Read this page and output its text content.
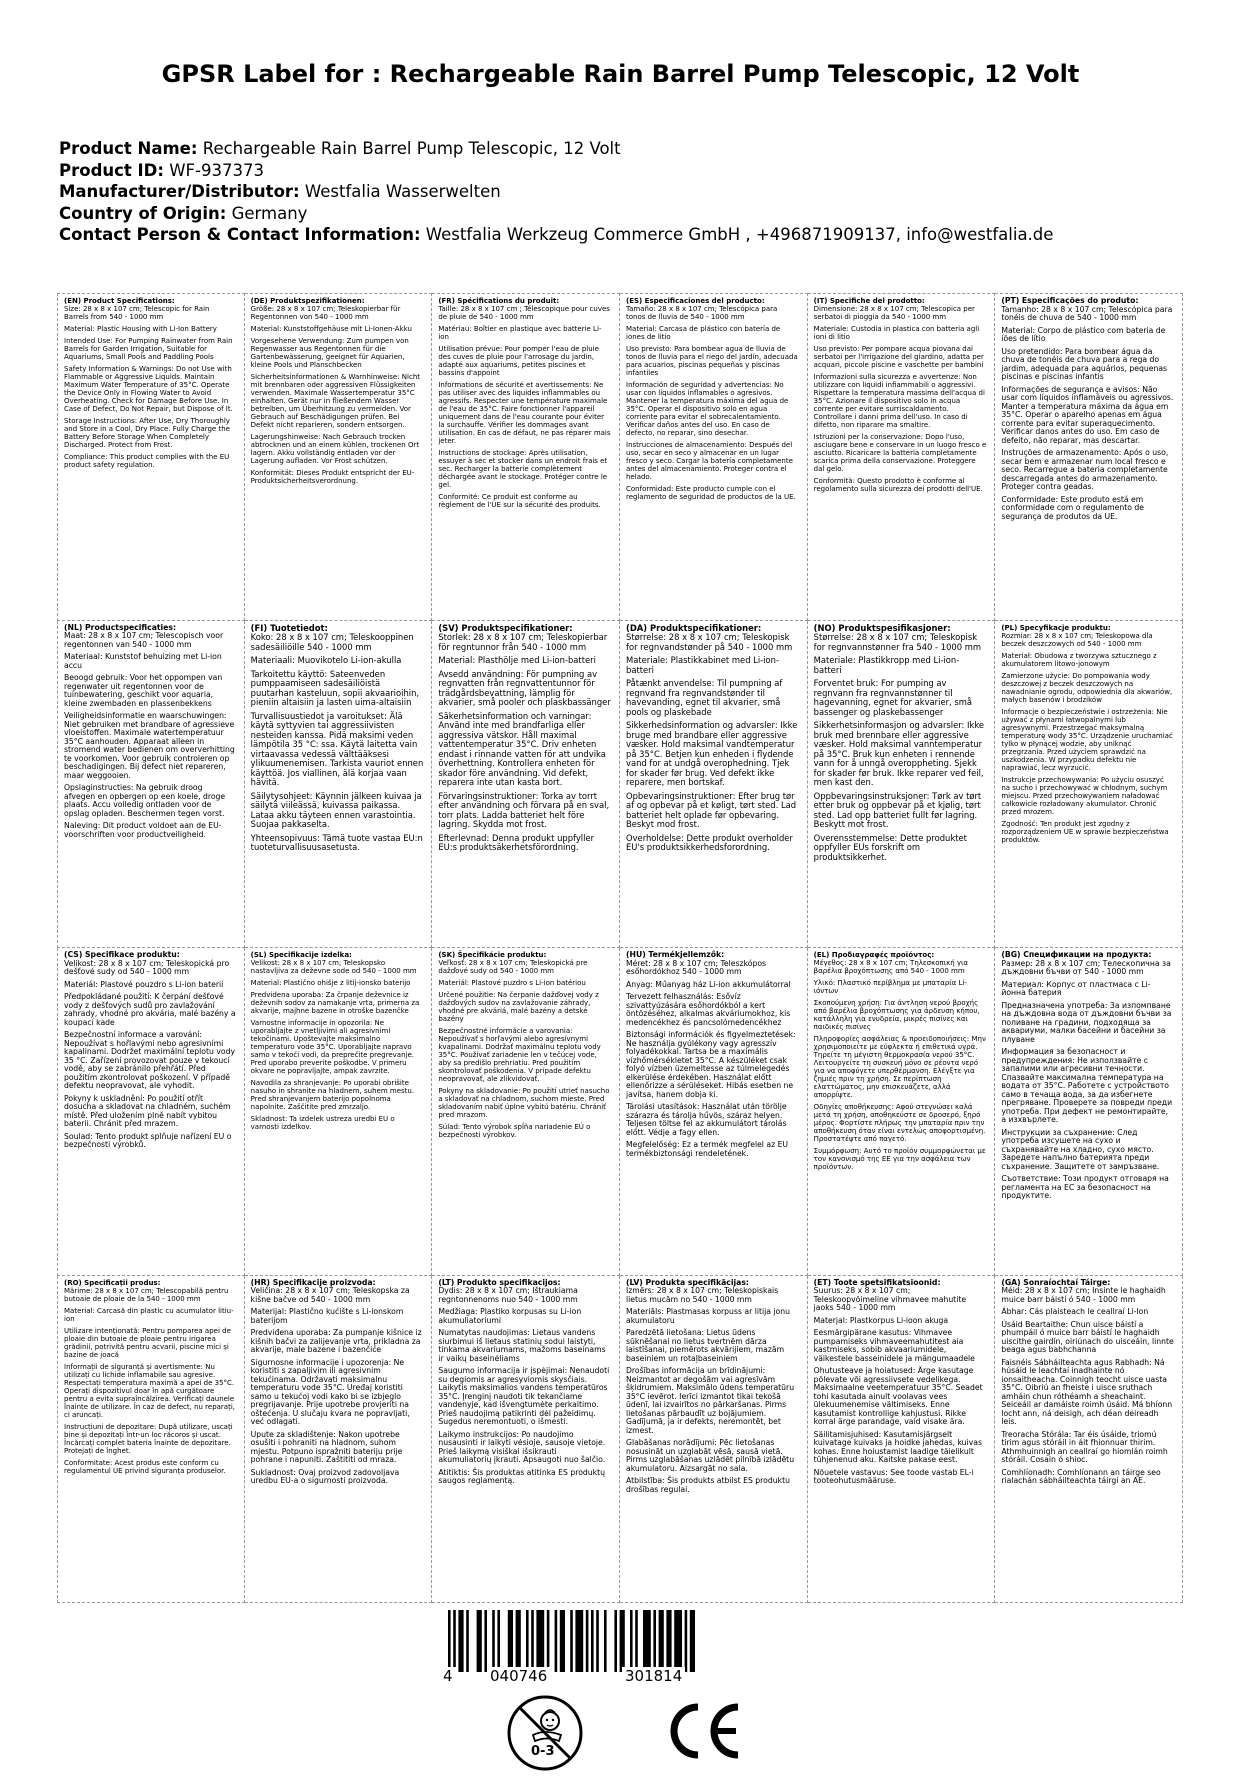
GPSR Label for : Rechargeable Rain Barrel Pump Telescopic, 12 Volt
Product Name: Rechargeable Rain Barrel Pump Telescopic, 12 Volt
Product ID: WF-937373
Manufacturer/Distributor: Westfalia Wasserwelten
Country of Origin: Germany
Contact Person & Contact Information: Westfalia Werkzeug Commerce GmbH , +496871909137, info@westfalia.de
(EN) Product Specifications:
Size: 28 x 8 x 107 cm; Telescopic for Rain Barrels from 540 - 1000 mm
Material: Plastic Housing with Li-Ion Battery
Intended Use: For Pumping Rainwater from Rain Barrels for Garden Irrigation, Suitable for Aquariums, Small Pools and Paddling Pools
Safety Information & Warnings: Do not Use with Flammable or Aggressive Liquids. Maintain Maximum Water Temperature of 35°C. Operate the Device Only in Flowing Water to Avoid Overheating. Check for Damage Before Use. In Case of Defect, Do Not Repair, but Dispose of It.
Storage Instructions: After Use, Dry Thoroughly and Store in a Cool, Dry Place. Fully Charge the Battery Before Storage When Completely Discharged. Protect from Frost.
Compliance: This product complies with the EU product safety regulation.
(DE) Produktspezifikationen:
Größe: 28 x 8 x 107 cm; Teleskopierbar für Regentonnen von 540 - 1000 mm
Material: Kunststoffgehäuse mit Li-Ionen-Akku
Vorgesehene Verwendung: Zum pumpen von Regenwasser aus Regentonnen für die Gartenbewässerung, geeignet für Aquarien, kleine Pools und Planschbecken
Sicherheitsinformationen & Warnhinweise: Nicht mit brennbaren oder aggressiven Flüssigkeiten verwenden. Maximale Wassertemperatur 35°C einhalten. Gerät nur in fließendem Wasser betreiben, um Überhitzung zu vermeiden. Vor Gebrauch auf Beschädigungen prüfen. Bei Defekt nicht reparieren, sondern entsorgen.
Lagerungshinweise: Nach Gebrauch trocken abtrocknen und an einem kühlen, trockenen Ort lagern. Akku vollständig entladen vor der Lagerung aufladen. Vor Frost schützen.
Konformität: Dieses Produkt entspricht der EU-Produktsicherheitsverordnung.
(FR) Spécifications du produit:
Taille: 28 x 8 x 107 cm ; Télescopique pour cuves de pluie de 540 - 1000 mm
Matériau: Boîtier en plastique avec batterie Li-ion
Utilisation prévue: Pour pomper l'eau de pluie des cuves de pluie pour l'arrosage du jardin, adapté aux aquariums, petites piscines et bassins d'appoint
Informations de sécurité et avertissements: Ne pas utiliser avec des liquides inflammables ou agressifs. Respecter une température maximale de l'eau de 35°C. Faire fonctionner l'appareil uniquement dans de l'eau courante pour éviter la surchauffe. Vérifier les dommages avant utilisation. En cas de défaut, ne pas réparer mais jeter.
Instructions de stockage: Après utilisation, essuyer à sec et stocker dans un endroit frais et sec. Recharger la batterie complètement déchargée avant le stockage. Protéger contre le gel.
Conformité: Ce produit est conforme au règlement de l'UE sur la sécurité des produits.
(ES) Especificaciones del producto:
Tamaño: 28 x 8 x 107 cm; Telescópica para tonos de lluvia de 540 - 1000 mm
Material: Carcasa de plástico con batería de iones de litio
Uso previsto: Para bombear agua de lluvia de tonos de lluvia para el riego del jardín, adecuada para acuarios, piscinas pequeñas y piscinas infantiles
Información de seguridad y advertencias: No usar con líquidos inflamables o agresivos. Mantener la temperatura máxima del agua de 35°C. Operar el dispositivo solo en agua corriente para evitar el sobrecalentamiento. Verificar daños antes del uso. En caso de defecto, no reparar, sino desechar.
Instrucciones de almacenamiento: Después del uso, secar en seco y almacenar en un lugar fresco y seco. Cargar la batería completamente antes del almacenamiento. Proteger contra el helado.
Conformidad: Este producto cumple con el reglamento de seguridad de productos de la UE.
(IT) Specifiche del prodotto:
Dimensione: 28 x 8 x 107 cm; Telescopica per serbatoi di pioggia da 540 - 1000 mm
Materiale: Custodia in plastica con batteria agli ioni di litio
Uso previsto: Per pompare acqua piovana dai serbatoi per l'irrigazione del giardino, adatta per acquari, piccole piscine e vaschette per bambini
Informazioni sulla sicurezza e avvertenze: Non utilizzare con liquidi infiammabili o aggressivi. Rispettare la temperatura massima dell'acqua di 35°C. Azionare il dispositivo solo in acqua corrente per evitare surriscaldamento. Controllare i danni prima dell'uso. In caso di difetto, non riparare ma smaltire.
Istruzioni per la conservazione: Dopo l'uso, asciugare bene e conservare in un luogo fresco e asciutto. Ricaricare la batteria completamente scarica prima della conservazione. Proteggere dal gelo.
Conformità: Questo prodotto è conforme al regolamento sulla sicurezza dei prodotti dell'UE.
(PT) Especificações do produto:
Tamanho: 28 x 8 x 107 cm; Telescópica para tonéis de chuva de 540 - 1000 mm
Material: Corpo de plástico com bateria de íões de lítio
Uso pretendido: Para bombear água da chuva de tonéis de chuva para a rega do jardim, adequada para aquários, pequenas piscinas e piscinas infantis
Informações de segurança e avisos: Não usar com líquidos inflamáveis ou agressivos. Manter a temperatura máxima da água em 35°C. Operar o aparelho apenas em água corrente para evitar superaquecimento. Verificar danos antes do uso. Em caso de defeito, não reparar, mas descartar.
Instruções de armazenamento: Após o uso, secar bem e armazenar num local fresco e seco. Recarregue a bateria completamente descarregada antes do armazenamento. Proteger contra geadas.
Conformidade: Este produto está em conformidade com o regulamento de segurança de produtos da UE.
(NL) Productspecificaties:
Maat: 28 x 8 x 107 cm; Telescopisch voor regentonnen van 540 - 1000 mm
Materiaal: Kunststof behuizing met Li-ion accu
Beoogd gebruik: Voor het oppompen van regenwater uit regentonnen voor de tuinbewatering, geschikt voor aquaria, kleine zwembaden en plassenbekkens
Veiligheidsinformatie en waarschuwingen: Niet gebruiken met brandbare of agressieve vloeistoffen. Maximale watertemperatuur 35°C aanhouden. Apparaat alleen in stromend water bedienen om oververhitting te voorkomen. Voor gebruik controleren op beschadigingen. Bij defect niet repareren, maar weggooien.
Opslaginstructies: Na gebruik droog afvegen en opbergen op een koele, droge plaats. Accu volledig ontladen voor de opslag opladen. Beschermen tegen vorst.
Naleving: Dit product voldoet aan de EU-voorschriften voor productveiligheid.
(FI) Tuotetiedot:
Koko: 28 x 8 x 107 cm; Teleskooppinen sadesäiliöille 540 - 1000 mm
Materiaali: Muovikotelo Li-ion-akulla
Tarkoitettu käyttö: Sateenveden pumppaamiseen sadesäiliöistä puutarhan kasteluun, sopii akvaarioihin, pieniin altaisiin ja lasten uima-altaisiin
Turvallisuustiedot ja varoitukset: Älä käytä syttyvien tai aggressiivisten nesteiden kanssa. Pidä maksimi veden lämpötila 35 °C: ssa. Käytä laitetta vain virtaavassa vedessä välttääksesi ylikuumenemisen. Tarkista vauriot ennen käyttöä. Jos viallinen, älä korjaa vaan hävitä.
Säilytysohjeet: Käynnin jälkeen kuivaa ja säilytä viileässä, kuivassa paikassa. Lataa akku täyteen ennen varastointia. Suojaa pakkaselta.
Yhteensopivuus: Tämä tuote vastaa EU:n tuoteturvallisuusasetusta.
(SV) Produktspecifikationer:
Storlek: 28 x 8 x 107 cm; Teleskopierbar för regntunnor från 540 - 1000 mm
Material: Plasthölje med Li-ion-batteri
Avsedd användning: För pumpning av regnvatten från regnvattentunnor för trädgårdsbevattning, lämplig för akvarier, små pooler och plaskbassänger
Säkerhetsinformation och varningar: Använd inte med brandfarliga eller aggressiva vätskor. Håll maximal vattentemperatur 35°C. Driv enheten endast i rinnande vatten för att undvika överhettning. Kontrollera enheten för skador före användning. Vid defekt, reparera inte utan kasta bort.
Förvaringsinstruktioner: Torka av torrt efter användning och förvara på en sval, torr plats. Ladda batteriet helt före lagring. Skydda mot frost.
Efterlevnad: Denna produkt uppfyller EU:s produktsäkerhetsförordning.
(DA) Produktspecifikationer:
Størrelse: 28 x 8 x 107 cm; Teleskopisk for regnvandstønder på 540 - 1000 mm
Materiale: Plastikkabinet med Li-ion-batteri
Påtænkt anvendelse: Til pumpning af regnvand fra regnvandstønder til havevanding, egnet til akvarier, små pools og plaskebade
Sikkerhedsinformation og advarsler: Ikke bruge med brandbare eller aggressive væsker. Hold maksimal vandtemperatur på 35°C. Betjen kun enheden i flydende vand for at undgå overophedning. Tjek for skader før brug. Ved defekt ikke reparere, men bortskaf.
Opbevaringsinstruktioner: Efter brug tør af og opbevar på et køligt, tørt sted. Lad batteriet helt oplade før opbevaring. Beskyt mod frost.
Overholdelse: Dette produkt overholder EU's produktsikkerhedsforordning.
(NO) Produktspesifikasjoner:
Størrelse: 28 x 8 x 107 cm; Teleskopisk for regnvannstønner fra 540 - 1000 mm
Materiale: Plastikkropp med Li-ion-batteri
Forventet bruk: For pumping av regnvann fra regnvannstønner til hagevanning, egnet for akvarier, små bassenger og plaskebassenger
Sikkerhetsinformasjon og advarsler: Ikke bruk med brennbare eller aggressive væsker. Hold maksimal vanntemperatur på 35°C. Bruk kun enheten i rennende vann for å unngå overoppheting. Sjekk for skader før bruk. Ikke reparer ved feil, men kast den.
Oppbevaringsinstruksjoner: Tørk av tørt etter bruk og oppbevar på et kjølig, tørt sted. Lad opp batteriet fullt før lagring. Beskytt mot frost.
Overensstemmelse: Dette produktet oppfyller EUs forskrift om produktsikkerhet.
(PL) Specyfikacje produktu:
Rozmiar: 28 x 8 x 107 cm; Teleskopowa dla beczek deszczowych od 540 - 1000 mm
Materiał: Obudowa z tworzywa sztucznego z akumulatorem litowo-jonowym
Zamierzone użycie: Do pompowania wody deszczowej z beczek deszczowych na nawadnianie ogrodu, odpowiednia dla akwariów, małych basenów i brodzików
Informacje o bezpieczeństwie i ostrzeżenia: Nie używać z płynami łatwopalnymi lub agresywnymi. Przestrzegać maksymalną temperaturę wody 35°C. Urządzenie uruchamiać tylko w płynącej wodzie, aby uniknąć przegrzania. Przed użyciem sprawdzić na uszkodzenia. W przypadku defektu nie naprawiać, lecz wyrzucić.
Instrukcje przechowywania: Po użyciu osuszyć na sucho i przechowywać w chłodnym, suchym miejscu. Przed przechowywaniem naładować całkowicie rozładowany akumulator. Chronić przed mrozem.
Zgodność: Ten produkt jest zgodny z rozporządzeniem UE w sprawie bezpieczeństwa produktów.
(CS) Specifikace produktu:
Velikost: 28 x 8 x 107 cm; Teleskopická pro dešťové sudy od 540 - 1000 mm
Materiál: Plastové pouzdro s Li-ion baterií
Předpokládané použití: K čerpání dešťové vody z dešťových sudů pro zavlažování zahrady, vhodné pro akvária, malé bazény a koupací kade
Bezpečnostní informace a varování: Nepoužívat s hořlavými nebo agresivními kapalinami. Dodržet maximální teplotu vody 35 °C. Zařízení provozovat pouze v tekoucí vodě, aby se zabránilo přehřátí. Před použitím zkontrolovat poškození. V případě defektu neopravovat, ale vyhodit.
Pokyny k uskladnění: Po použití otřít dosucha a skladovat na chladném, suchém místě. Před uložením plně nabít vybitou baterii. Chránit před mrazem.
Soulad: Tento produkt splňuje nařízení EU o bezpečnosti výrobků.
(SL) Specifikacije izdelka:
Velikost: 28 x 8 x 107 cm; Teleskopsko nastavljiva za deževne sode od 540 - 1000 mm
Material: Plastično ohišje z litij-ionsko baterijo
Predvidena uporaba: Za črpanje deževnice iz deževnih sodov za namakanje vrta, primerna za akvarije, majhne bazene in otroške bazenčke
Varnostne informacije in opozorila: Ne uporabljajte z vnetljivimi ali agresivnimi tekočinami. Upoštevajte maksimalno temperaturo vode 35°C. Uporabljajte napravo samo v tekoči vodi, da preprečite pregrevanje. Pred uporabo preverite poškodbe. V primeru okvare ne popravljajte, ampak zavrzite.
Navodila za shranjevanje: Po uporabi obrišite nasuho in shranite na hladnem, suhem mestu. Pred shranjevanjem baterijo popolnoma napolnite. Zaščitite pred zmrzaljo.
Skladnost: Ta izdelek ustreza uredbi EU o varnosti izdelkov.
(SK) Špecifikácie produktu:
Veľkosť: 28 x 8 x 107 cm; Teleskopická pre dažďové sudy od 540 - 1000 mm
Materiál: Plastové puzdro s Li-ion batériou
Určené použitie: Na čerpanie dažďovej vody z dažďových sudov na zavlažovanie záhrady, vhodné pre akváriá, malé bazény a detské bazény
Bezpečnostné informácie a varovania: Nepoužívať s horľavými alebo agresívnymi kvapalinami. Dodržať maximálnu teplotu vody 35°C. Používať zariadenie len v tečúcej vode, aby sa predišlo prehriatiu. Pred použitím skontrolovať poškodenia. V prípade defektu neopravovať, ale zlikvidovať.
Pokyny na skladovanie: Po použití utrieť nasucho a skladovať na chladnom, suchom mieste. Pred skladovaním nabiť úplne vybitú batériu. Chrániť pred mrazom.
Súlad: Tento výrobok spĺňa nariadenie EÚ o bezpečnosti výrobkov.
(HU) Termékjellemzők:
Méret: 28 x 8 x 107 cm; Teleszkópos esőhordókhoz 540 - 1000 mm
Anyag: Műanyag ház Li-ion akkumulátorral
Tervezett felhasználás: Esővíz szivattyúzására esőhordókból a kert öntözéséhez, alkalmas akváriumokhoz, kis medencékhez és pancsolómedencékhez
Biztonsági információk és figyelmeztetések: Ne használja gyúlékony vagy agresszív folyadékokkal. Tartsa be a maximális vízhőmérsékletet 35°C. A készüléket csak folyó vízben üzemeltesse az túlmelegedés elkerülése érdekében. Használat előtt ellenőrizze a sérüléseket. Hibás esetben ne javítsa, hanem dobja ki.
Tárolási utasítások: Használat után törölje szárazra és tárolja hűvös, száraz helyen. Teljesen töltse fel az akkumulátort tárolás előtt. Védje a fagy ellen.
Megfelelőség: Ez a termék megfelel az EU termékbiztonsági rendeletének.
(EL) Προδιαγραφές προϊόντος:
Μέγεθος: 28 x 8 x 107 cm; Τηλεσκοπική για βαρέλια βροχόπτωσης από 540 - 1000 mm
Υλικό: Πλαστικό περίβλημα με μπαταρία Li-ιόντων
Σκοπούμενη χρήση: Για άντληση νερού βροχής από βαρέλια βροχόπτωσης για άρδευση κήπου, κατάλληλη για ενυδρεία, μικρές πισίνες και παιδικές πισίνες
Πληροφορίες ασφάλειας & προειδοποιήσεις: Μην χρησιμοποιείτε με εύφλεκτα ή επιθετικά υγρά. Τηρείτε τη μέγιστη θερμοκρασία νερού 35°C. Λειτουργείτε τη συσκευή μόνο σε ρέοντα νερό για να αποφύγετε υπερθέρμανση. Ελέγξτε για ζημιές πριν τη χρήση. Σε περίπτωση ελαττώματος, μην επισκευάζετε, αλλά απορρίψτε.
Οδηγίες αποθήκευσης: Αφού στεγνώσει καλά μετά τη χρήση, αποθηκεύστε σε δροσερό, ξηρό μέρος. Φορτίστε πλήρως την μπαταρία πριν την αποθήκευση όταν είναι εντελώς αποφορτισμένη. Προστατέψτε από παγετό.
Συμμόρφωση: Αυτό το προϊόν συμμορφώνεται με τον κανονισμό της ΕΕ για την ασφάλεια των προϊόντων.
(BG) Спецификации на продукта:
Размер: 28 x 8 x 107 cm; Телескопична за дъждовни бъчви от 540 - 1000 mm
Материал: Корпус от пластмаса с Li-йонна батерия
Предназначена употреба: За изпомпване на дъждовна вода от дъждовни бъчви за поливане на градини, подходяща за аквариуми, малки басейни и басейни за плуване
Информация за безопасност и предупреждения: Не използвайте с запалими или агресивни течности. Спазвайте максимална температура на водата от 35°C. Работете с устройството само в течаща вода, за да избегнете прегряване. Проверете за повреди преди употреба. При дефект не ремонтирайте, а изхвърлете.
Инструкции за съхранение: След употреба изсушете на сухо и съхранявайте на хладно, сухо място. Заредете напълно батерията преди съхранение. Защитете от замръзване.
Съответствие: Този продукт отговаря на регламента на ЕС за безопасност на продуктите.
(RO) Specificații produs:
Mărime: 28 x 8 x 107 cm; Telescopabilă pentru butoaie de ploaie de la 540 - 1000 mm
Material: Carcasă din plastic cu acumulator litiu-ion
Utilizare intenționată: Pentru pomparea apei de ploaie din butoaie de ploaie pentru irigarea grădinii, potrivită pentru acvarii, piscine mici și bazine de joacă
Informații de siguranță și avertismente: Nu utilizați cu lichide inflamabile sau agresive. Respectați temperatura maximă a apei de 35°C. Operați dispozitivul doar în apă curgătoare pentru a evita supraîncălzirea. Verificați daunele înainte de utilizare. În caz de defect, nu reparați, ci aruncați.
Instrucțiuni de depozitare: După utilizare, uscați bine și depozitați într-un loc răcoros și uscat. Încărcați complet bateria înainte de depozitare. Protejați de înghet.
Conformitate: Acest produs este conform cu regulamentul UE privind siguranța produselor.
(HR) Specifikacije proizvoda:
Veličina: 28 x 8 x 107 cm; Teleskopska za kišne bačve od 540 - 1000 mm
Materijal: Plastično kućište s Li-ionskom baterijom
Predviđena uporaba: Za pumpanje kišnice iz kišnih bačvi za zalijevanje vrta, prikladna za akvarije, male bazene i bazenčiće
Sigurnosne informacije i upozorenja: Ne koristiti s zapaljivim ili agresivnim tekućinama. Održavati maksimalnu temperaturu vode 35°C. Uređaj koristiti samo u tekućoj vodi kako bi se izbjeglo pregrijavanje. Prije upotrebe provjeriti na oštećenja. U slučaju kvara ne popravljati, već odlagati.
Upute za skladištenje: Nakon upotrebe osušiti i pohraniti na hladnom, suhom mjestu. Potpuno ispražniti bateriju prije pohrane i napuniti. Zaštititi od mraza.
Sukladnost: Ovaj proizvod zadovoljava uredbu EU-a o sigurnosti proizvoda.
(LT) Produkto specifikacijos:
Dydis: 28 x 8 x 107 cm; Ištraukiama regntonnenoms nuo 540 - 1000 mm
Medžiaga: Plastiko korpusas su Li-ion akumuliatoriumi
Numatytas naudojimas: Lietaus vandens siurbimui iš lietaus statinių sodui laistyti, tinkama akvariumams, mažoms baseinams ir vaikų baseinėliams
Saugumo informacija ir įspėjimai: Nenaudoti su degiomis ar agresyviomis skysčiais. Laikytis maksimalios vandens temperatūros 35°C. Įrenginį naudoti tik tekančiame vandenyje, kad išvengtumėte perkaitimo. Prieš naudojimą patikrinti dėl pažeidimų. Sugedus neremontuoti, o išmesti.
Laikymo instrukcijos: Po naudojimo nusausinti ir laikyti vėsioje, sausoje vietoje. Prieš laikymą visiškai išsikrauti akumuliatorių įkrauti. Apsaugoti nuo šalčio.
Atitiktis: Šis produktas atitinka ES produktų saugos reglamentą.
(LV) Produkta specifikācijas:
Izmērs: 28 x 8 x 107 cm; Teleskopiskais lietus mucām no 540 - 1000 mm
Materiāls: Plastmasas korpuss ar litija jonu akumulatoru
Paredzētā lietošana: Lietus ūdens sūknēšanai no lietus tvertnēm dārza laistīšanai, piemērots akvārijiem, mazām baseiniem un rotaļbaseiniem
Drošības informācija un brīdinājumi: Neizmantot ar degošām vai agresīvām šķidrumiem. Maksimālo ūdens temperatūru 35°C ievērot. Ierīci izmantot tikai tekošā ūdenī, lai izvairītos no pārkaršanas. Pirms lietošanas pārbaudīt uz bojājumiem. Gadījumā, ja ir defekts, neremontēt, bet izmest.
Glabāšanas norādījumi: Pēc lietošanas nosusināt un uzglabāt vēsā, sausā vietā. Pirms uzglabāšanas uzlādēt pilnībā izlādētu akumulatoru. Aizsargāt no sala.
Atbilstība: Šis produkts atbilst ES produktu drošības regulai.
(ET) Toote spetsifikatsioonid:
Suurus: 28 x 8 x 107 cm; Teleskoopvõimeline vihmavee mahutite jaoks 540 - 1000 mm
Materjal: Plastkorpus Li-ioon akuga
Eesmärgipärane kasutus: Vihmavee pumpamiseks vihmaveemahutitest aia kastmiseks, sobib akvaariumidele, väikestele basseinidele ja mängumaadele
Ohutusteave ja hoiatused: Ärge kasutage põlevate või agressiivsete vedelikega. Maksimaalne veetemperatuur 35°C. Seadet tohi kasutada ainult voolavas vees ülekuumenemise vältimiseks. Enne kasutamist kontrollige kahjustusi. Rikke korral ärge parandage, vaid visake ära.
Säilitamisjuhised: Kasutamisjärgselt kuivatage kuivaks ja hoidke jahedas, kuivas kohas. Enne hoiustamist laadige täielikult tühjenenud aku. Kaitske pakase eest.
Nõuetele vastavus: See toode vastab EL-i tooteohutusmääruse.
(GA) Sonraíochtaí Táirge:
Méid: 28 x 8 x 107 cm; Insinte le haghaidh muice barr báistí ó 540 - 1000 mm
Ábhar: Cás plaisteach le ceallraí Li-Ion
Úsáid Beartaithe: Chun uisce báistí a phumpáil ó muice barr báistí le haghaidh uiscithe gairdín, oiriúnach do uisceáin, linnte beaga agus babhchanna
Faisnéis Sábháilteachta agus Rabhadh: Ná húsáid le leachtaí inadhainte nó ionsaitheacha. Coinnigh teocht uisce uasta 35°C. Oibriú an fheiste i uisce sruthach amháin chun róthéamh a sheachaint. Seiceáil ar damáiste roimh úsáid. Má bhíonn locht ann, ná deisigh, ach déan deireadh leis.
Treoracha Stórála: Tar éis úsáide, triomú tirim agus stóráil in áit fhionnuar thirim. Athmhuinnigh an ceallraí go hiomlán roimh stóráil. Cosain ó shioc.
Comhlíonadh: Comhlíonann an táirge seo rialachán sábháilteachta táirgí an AE.
4 040746	301814
0-3
